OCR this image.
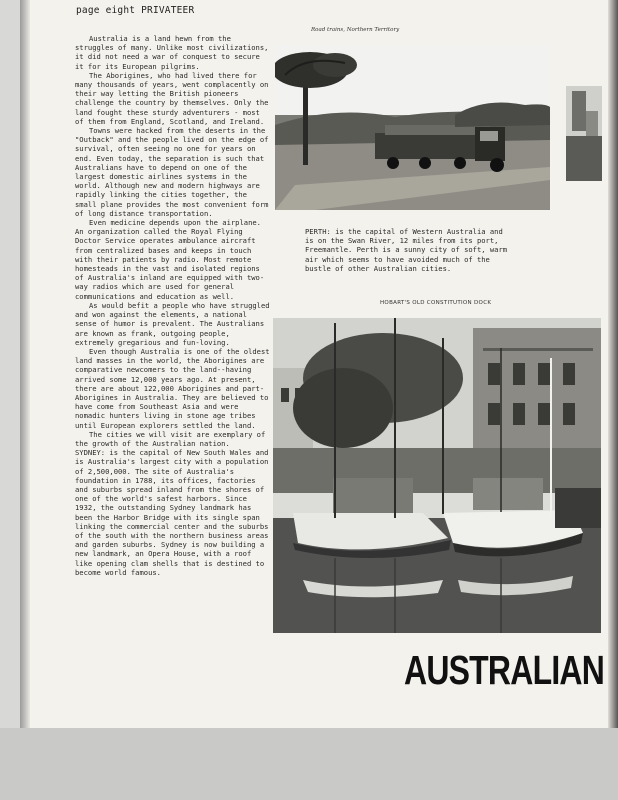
page eight PRIVATEER

Australia is a land hewn from the struggles of many. Unlike most civilizations, it did not need a war of conquest to secure it for its European pilgrims.

The Aborigines, who had lived there for many thousands of years, went complacently on their way letting the British pioneers challenge the country by themselves. Only the land fought these sturdy adventurers - most of them from England, Scotland, and Ireland.

Towns were hacked from the deserts in the "Outback" and the people lived on the edge of survival, often seeing no one for years on end. Even today, the separation is such that Australians have to depend on one of the largest domestic airlines systems in the world. Although new and modern highways are rapidly linking the cities together, the small plane provides the most convenient form of long distance transportation.

Even medicine depends upon the airplane. An organization called the Royal Flying Doctor Service operates ambulance aircraft from centralized bases and keeps in touch with their patients by radio. Most remote homesteads in the vast and isolated regions of Australia's inland are equipped with two-way radios which are used for general communications and education as well.

As would befit a people who have struggled and won against the elements, a national sense of humor is prevalent. The Australians are known as frank, outgoing people, extremely gregarious and fun-loving.

Even though Australia is one of the oldest land masses in the world, the Aborigines are comparative newcomers to the land--having arrived some 12,000 years ago. At present, there are about 122,000 Aborigines and part-Aborigines in Australia. They are believed to have come from Southeast Asia and were nomadic hunters living in stone age tribes until European explorers settled the land.

The cities we will visit are exemplary of the growth of the Australian nation.

SYDNEY: is the capital of New South Wales and is Australia's largest city with a population of 2,500,000. The site of Australia's foundation in 1788, its offices, factories and suburbs spread inland from the shores of one of the world's safest harbors. Since 1932, the outstanding Sydney landmark has been the Harbor Bridge with its single span linking the commercial center and the suburbs of the south with the northern business areas and garden suburbs. Sydney is now building a new landmark, an Opera House, with a roof like opening clam shells that is destined to become world famous.

Road trains, Northern Territory
PERTH: is the capital of Western Australia and is on the Swan River, 12 miles from its port, Freemantle. Perth is a sunny city of soft, warm air which seems to have avoided much of the bustle of other Australian cities.
HOBART'S OLD CONSTITUTION DOCK
AUSTRALIAN
